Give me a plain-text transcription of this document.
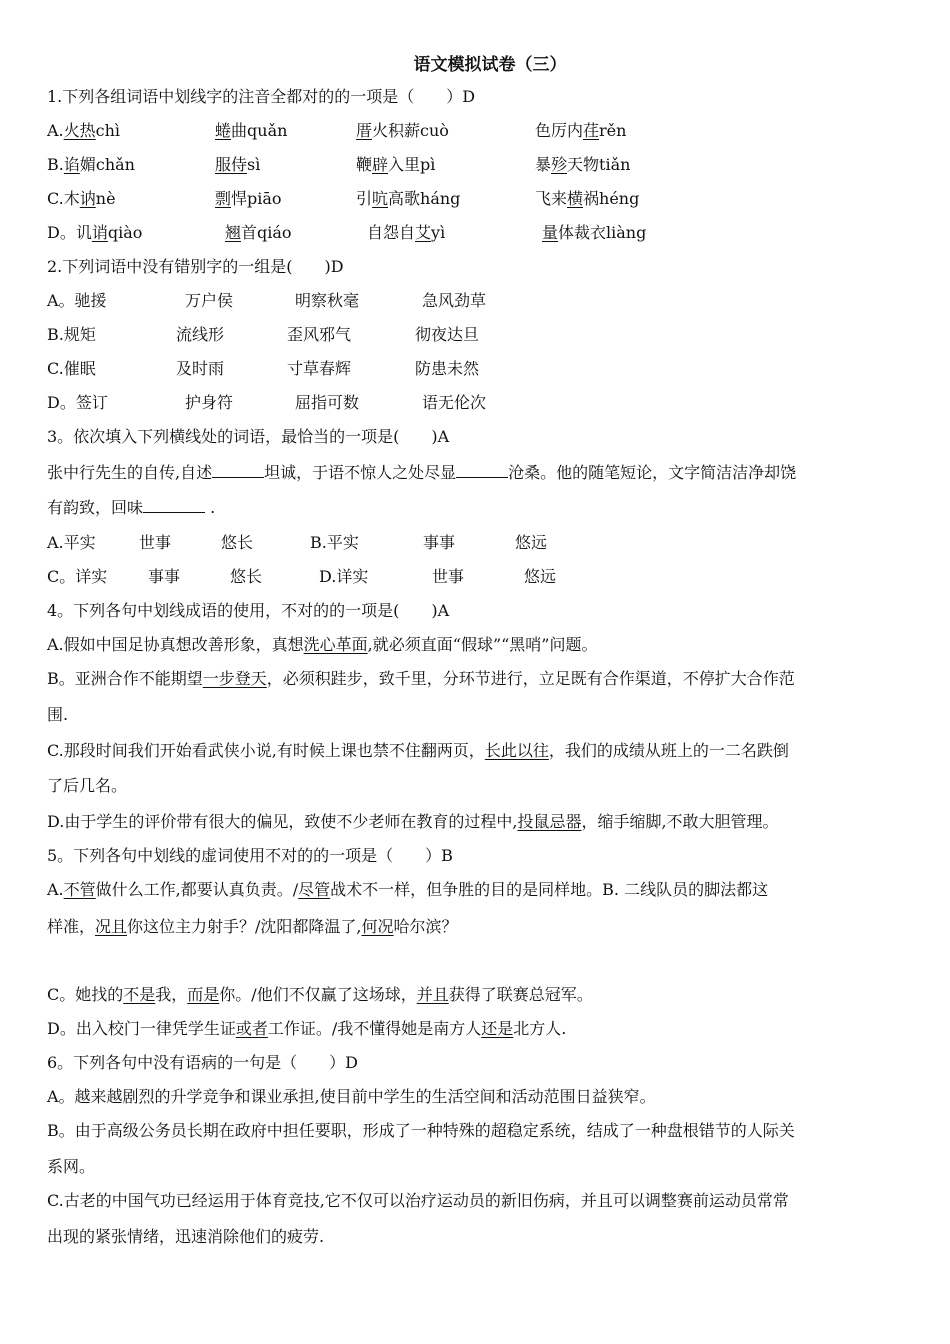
语文模拟试卷（三）
1.下列各组词语中划线字的注音全都对的的一项是（　　）D
A.火热chì	蜷曲quǎn	厝火积薪cuò	色厉内荏rěn
B.谄媚chǎn	服侍sì	鞭辟入里pì	暴殄天物tiǎn
C.木讷nè	剽悍piāo	引吭高歌háng	飞来横祸héng
D。讥诮qiào	翘首qiáo	自怨自艾yì	量体裁衣liàng
2.下列词语中没有错别字的一组是(　　)D
A。驰援	万户侯	明察秋毫	急风劲草
B.规矩	流线形	歪风邪气	彻夜达旦
C.催眠	及时雨	寸草春辉	防患未然
D。签订	护身符	屈指可数	语无伦次
3。依次填入下列横线处的词语，最恰当的一项是(　　)A
张中行先生的自传,自述	坦诚，于语不惊人之处尽显	沧桑。他的随笔短论，文字简洁洁净却饶
有韵致，回味	.
A.平实	世事	悠长	B.平实	事事	悠远
C。详实	事事	悠长	D.详实	世事	悠远
4。下列各句中划线成语的使用，不对的的一项是(　　)A
A.假如中国足协真想改善形象，真想洗心革面,就必须直面“假球”“黑哨”问题。
B。亚洲合作不能期望一步登天，必须积跬步，致千里，分环节进行，立足既有合作渠道，不停扩大合作范
围.
C.那段时间我们开始看武侠小说,有时候上课也禁不住翻两页，长此以往，我们的成绩从班上的一二名跌倒
了后几名。
D.由于学生的评价带有很大的偏见，致使不少老师在教育的过程中,投鼠忌器，缩手缩脚,不敢大胆管理。
5。下列各句中划线的虚词使用不对的的一项是（　　）B
A.不管做什么工作,都要认真负责。/尽管战术不一样，但争胜的目的是同样地。B. 二线队员的脚法都这
样准，况且你这位主力射手？/沈阳都降温了,何况哈尔滨？
C。她找的不是我，而是你。/他们不仅赢了这场球，并且获得了联赛总冠军。
D。出入校门一律凭学生证或者工作证。/我不懂得她是南方人还是北方人.
6。下列各句中没有语病的一句是（　　）D
A。越来越剧烈的升学竞争和课业承担,使目前中学生的生活空间和活动范围日益狭窄。
B。由于高级公务员长期在政府中担任要职，形成了一种特殊的超稳定系统，结成了一种盘根错节的人际关
系网。
C.古老的中国气功已经运用于体育竞技,它不仅可以治疗运动员的新旧伤病，并且可以调整赛前运动员常常
出现的紧张情绪，迅速消除他们的疲劳.
